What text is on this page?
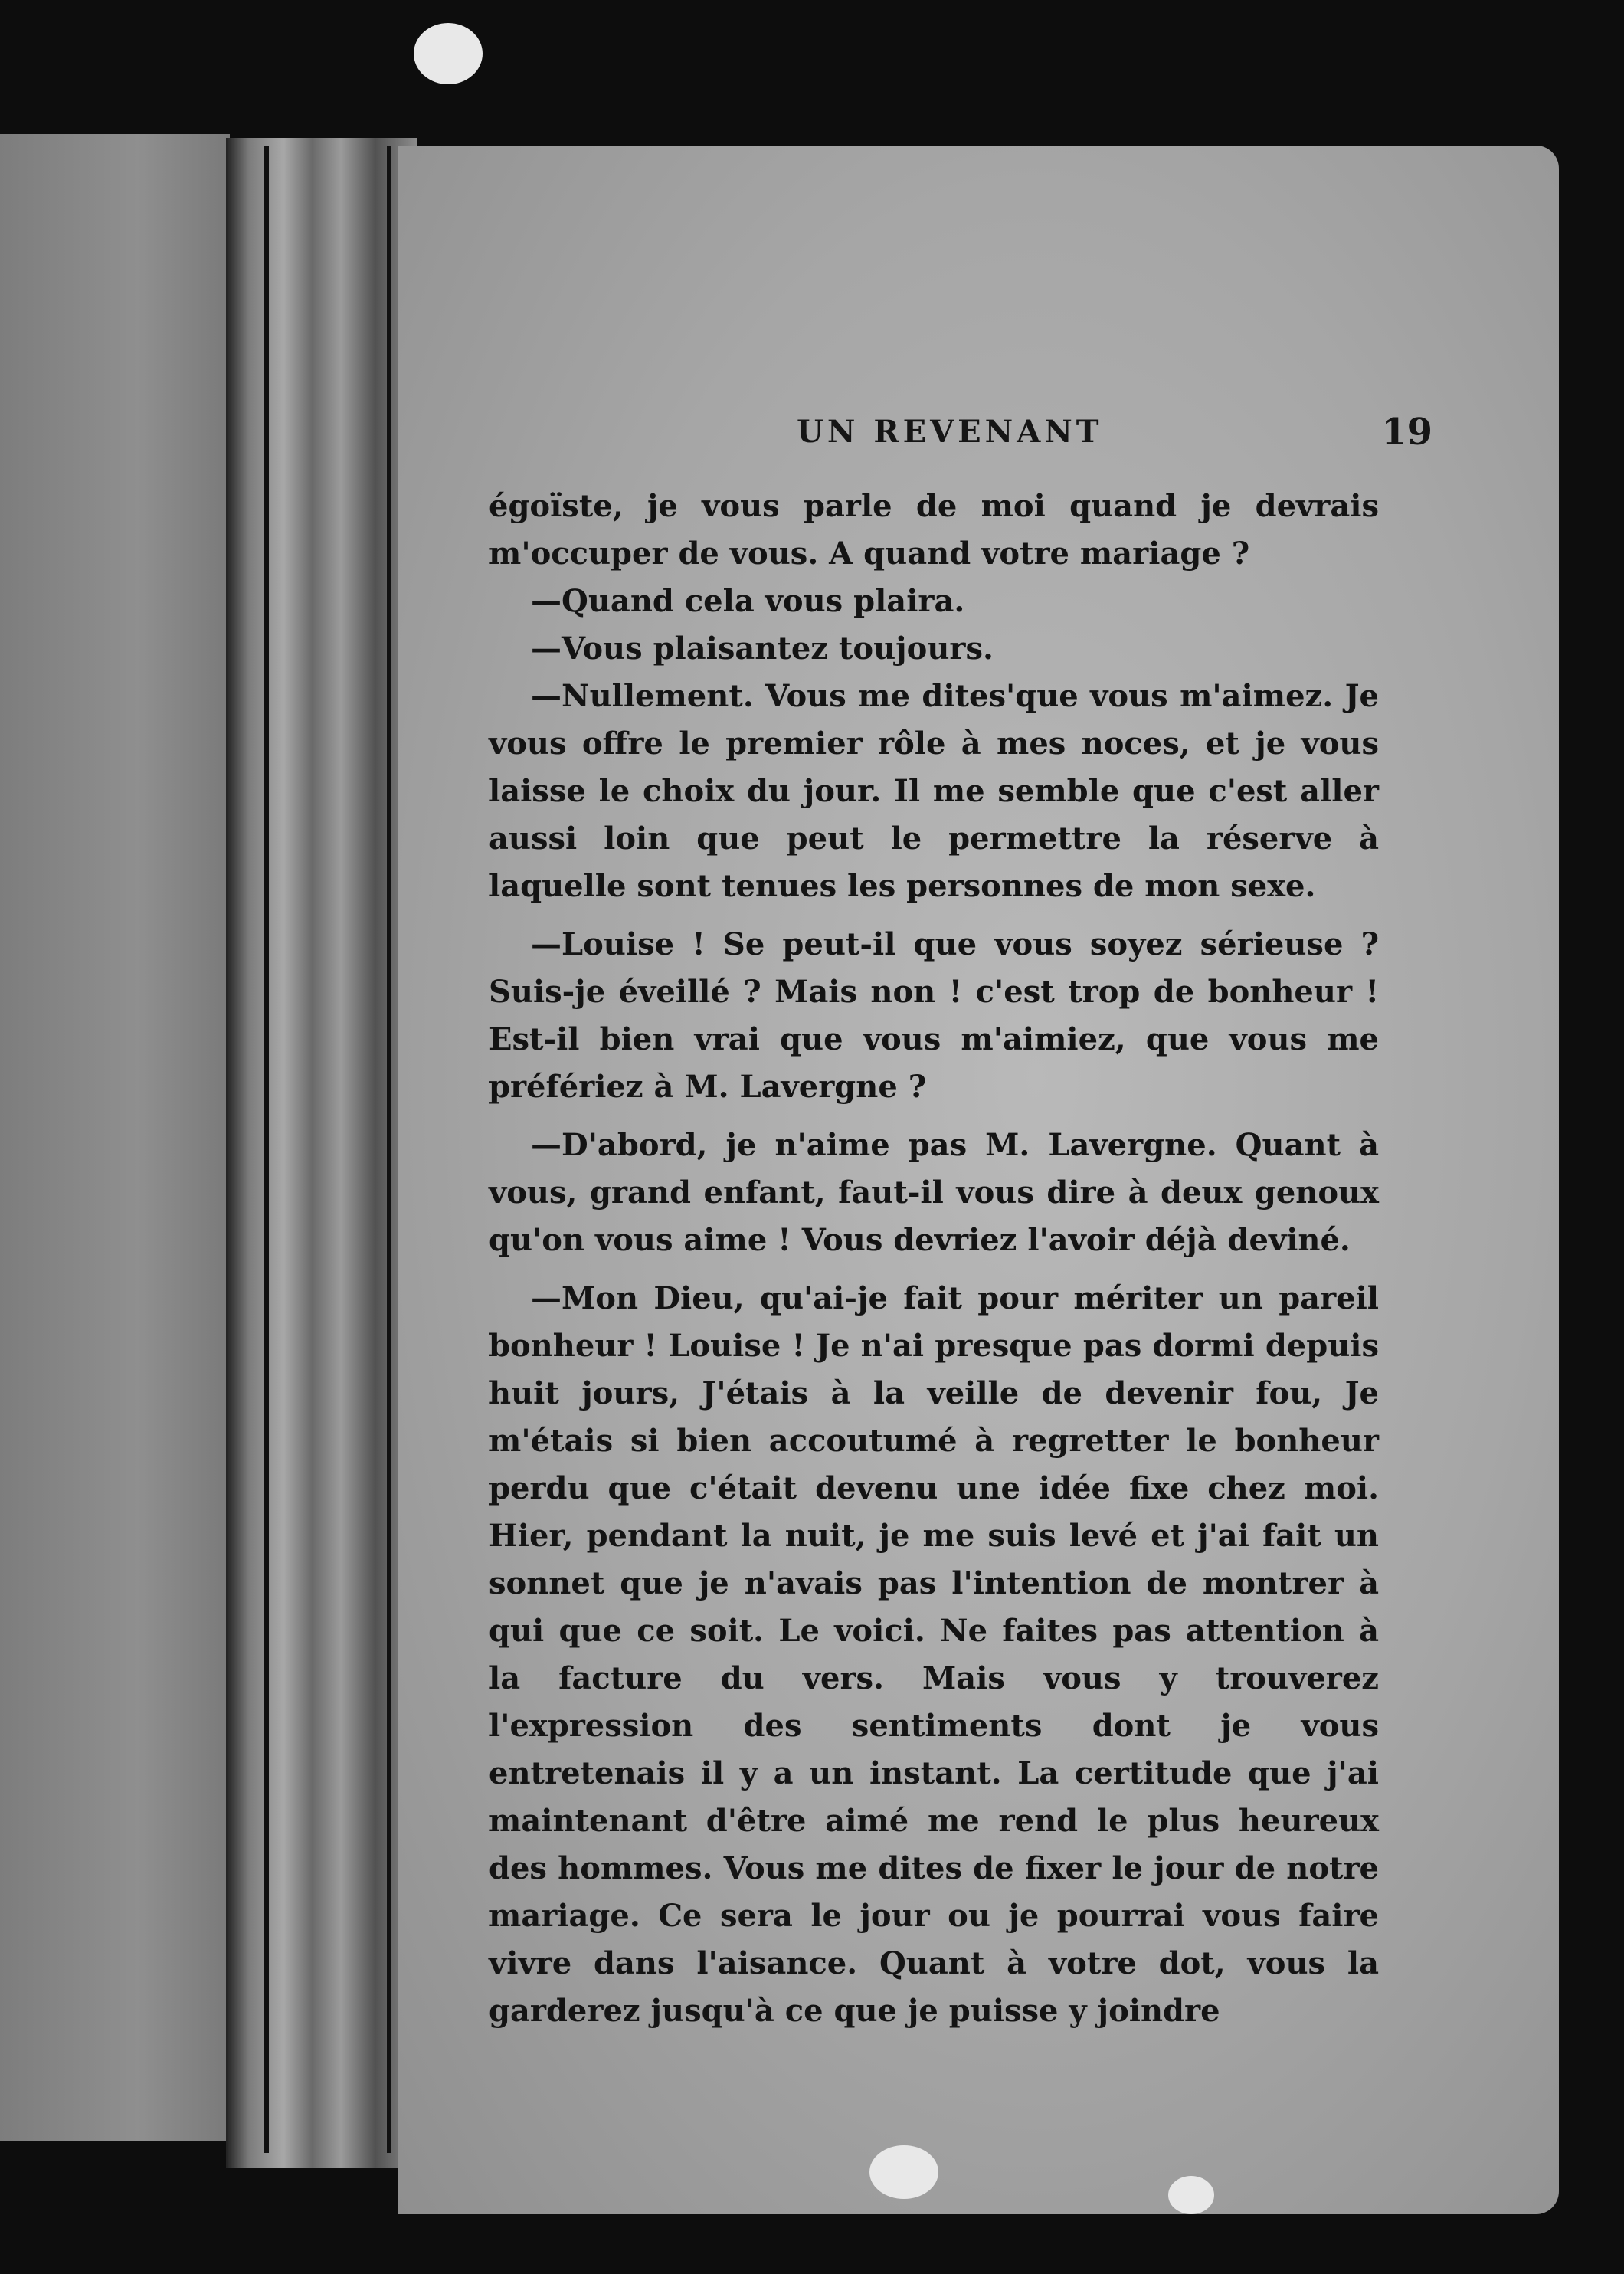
UN REVENANT	19

égoïste, je vous parle de moi quand je devrais m'occuper de vous. A quand votre mariage ?

—Quand cela vous plaira.

—Vous plaisantez toujours.

—Nullement. Vous me dites'que vous m'aimez. Je vous offre le premier rôle à mes noces, et je vous laisse le choix du jour. Il me semble que c'est aller aussi loin que peut le permettre la réserve à laquelle sont tenues les personnes de mon sexe.

—Louise ! Se peut-il que vous soyez sérieuse ? Suis-je éveillé ? Mais non ! c'est trop de bonheur ! Est-il bien vrai que vous m'aimiez, que vous me préfériez à M. Lavergne ?

—D'abord, je n'aime pas M. Lavergne. Quant à vous, grand enfant, faut-il vous dire à deux genoux qu'on vous aime ! Vous devriez l'avoir déjà deviné.

—Mon Dieu, qu'ai-je fait pour mériter un pareil bonheur ! Louise ! Je n'ai presque pas dormi depuis huit jours, J'étais à la veille de devenir fou, Je m'étais si bien accoutumé à regretter le bonheur perdu que c'était devenu une idée fixe chez moi. Hier, pendant la nuit, je me suis levé et j'ai fait un sonnet que je n'avais pas l'intention de montrer à qui que ce soit. Le voici. Ne faites pas attention à la facture du vers. Mais vous y trouverez l'expression des sentiments dont je vous entretenais il y a un instant. La certitude que j'ai maintenant d'être aimé me rend le plus heureux des hommes. Vous me dites de fixer le jour de notre mariage. Ce sera le jour ou je pourrai vous faire vivre dans l'aisance. Quant à votre dot, vous la garderez jusqu'à ce que je puisse y joindre
